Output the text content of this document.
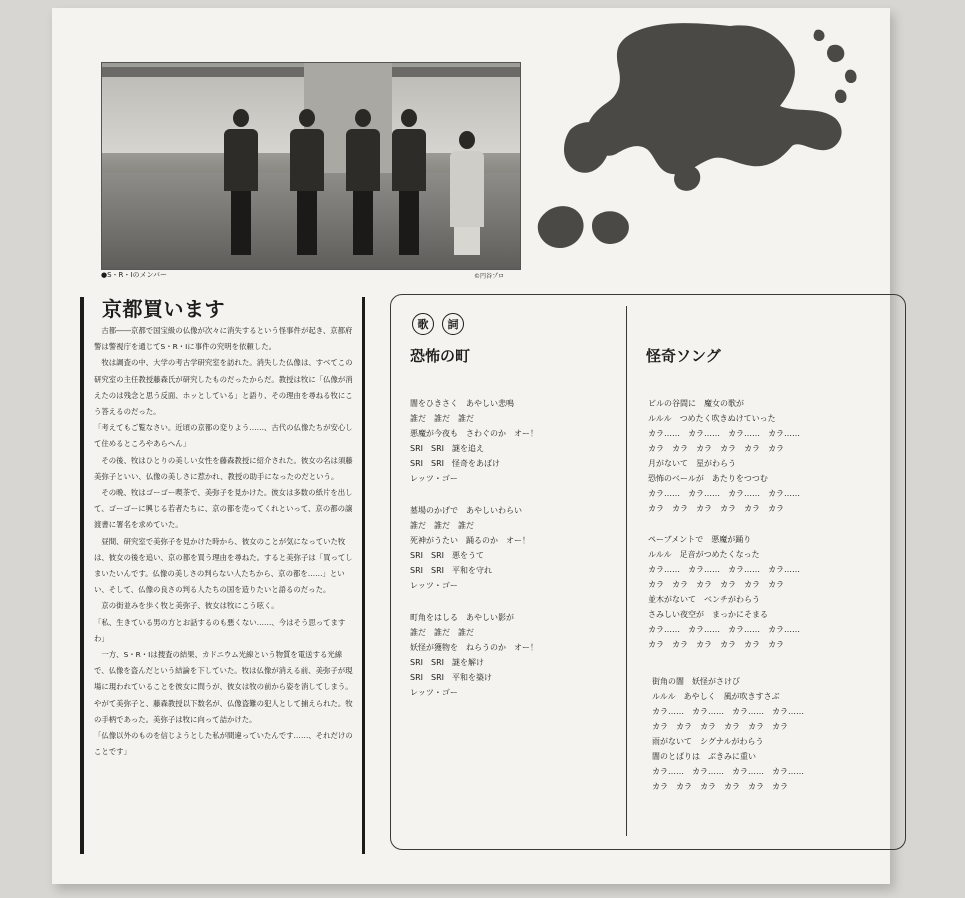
●S・R・Iのメンバー	©円谷プロ
京都買います

古都――京都で国宝級の仏像が次々に消失するという怪事件が起き、京都府警は警視庁を通じてS・R・Iに事件の究明を依頼した。

牧は調査の中、大学の考古学研究室を訪れた。消失した仏像は、すべてこの研究室の主任教授藤森氏が研究したものだったからだ。教授は牧に「仏像が消えたのは残念と思う反面、ホッとしている」と語り、その理由を尋ねる牧にこう答えるのだった。

「考えてもご覧なさい。近頃の京都の変りよう……、古代の仏像たちが安心して住めるところやあらへん」

その後、牧はひとりの美しい女性を藤森教授に紹介された。彼女の名は須藤美弥子といい、仏像の美しさに惹かれ、教授の助手になったのだという。

その晩、牧はゴーゴー喫茶で、美弥子を見かけた。彼女は多数の紙片を出して、ゴーゴーに興じる若者たちに、京の都を売ってくれといって、京の都の譲渡書に署名を求めていた。

昼間、研究室で美弥子を見かけた時から、彼女のことが気になっていた牧は、彼女の後を追い、京の都を買う理由を尋ねた。すると美弥子は「買ってしまいたいんです。仏像の美しさの判らない人たちから、京の都を……」といい、そして、仏像の良さの判る人たちの国を造りたいと語るのだった。

京の街並みを歩く牧と美弥子、彼女は牧にこう呟く。

「私、生きている男の方とお話するのも悪くない……、今はそう思ってますわ」

一方、S・R・Iは捜査の結果、カドニウム光線という物質を電送する光線で、仏像を盗んだという結論を下していた。牧は仏像が消える前、美弥子が現場に現われていることを彼女に問うが、彼女は牧の前から姿を消してしまう。やがて美弥子と、藤森教授以下数名が、仏像盗難の犯人として捕えられた。牧の手柄であった。美弥子は牧に向って詰かけた。

「仏像以外のものを信じようとした私が間違っていたんです……、それだけのことです」

歌	詞
恐怖の町

闇をひきさく　あやしい悲鳴
誰だ　誰だ　誰だ
悪魔が今夜も　さわぐのか　オー！
SRI　SRI　謎を追え
SRI　SRI　怪奇をあばけ
レッツ・ゴー

墓場のかげで　あやしいわらい
誰だ　誰だ　誰だ
死神がうたい　踊るのか　オー！
SRI　SRI　悪をうて
SRI　SRI　平和を守れ
レッツ・ゴー

町角をはしる　あやしい影が
誰だ　誰だ　誰だ
妖怪が獲物を　ねらうのか　オー！
SRI　SRI　謎を解け
SRI　SRI　平和を築け
レッツ・ゴー

怪奇ソング

ビルの谷間に　魔女の歌が
ルルル　つめたく吹きぬけていった
カラ……　カラ……　カラ……　カラ……
カラ　カラ　カラ　カラ　カラ　カラ
月がないて　星がわらう
恐怖のベールが　あたりをつつむ
カラ……　カラ……　カラ……　カラ……
カラ　カラ　カラ　カラ　カラ　カラ

ペーブメントで　悪魔が踊り
ルルル　足音がつめたくなった
カラ……　カラ……　カラ……　カラ……
カラ　カラ　カラ　カラ　カラ　カラ
並木がないて　ベンチがわらう
さみしい夜空が　まっかにそまる
カラ……　カラ……　カラ……　カラ……
カラ　カラ　カラ　カラ　カラ　カラ

街角の闇　妖怪がさけび
ルルル　あやしく　風が吹きすさぶ
カラ……　カラ……　カラ……　カラ……
カラ　カラ　カラ　カラ　カラ　カラ
雨がないて　シグナルがわらう
闇のとばりは　ぶきみに重い
カラ……　カラ……　カラ……　カラ……
カラ　カラ　カラ　カラ　カラ　カラ
